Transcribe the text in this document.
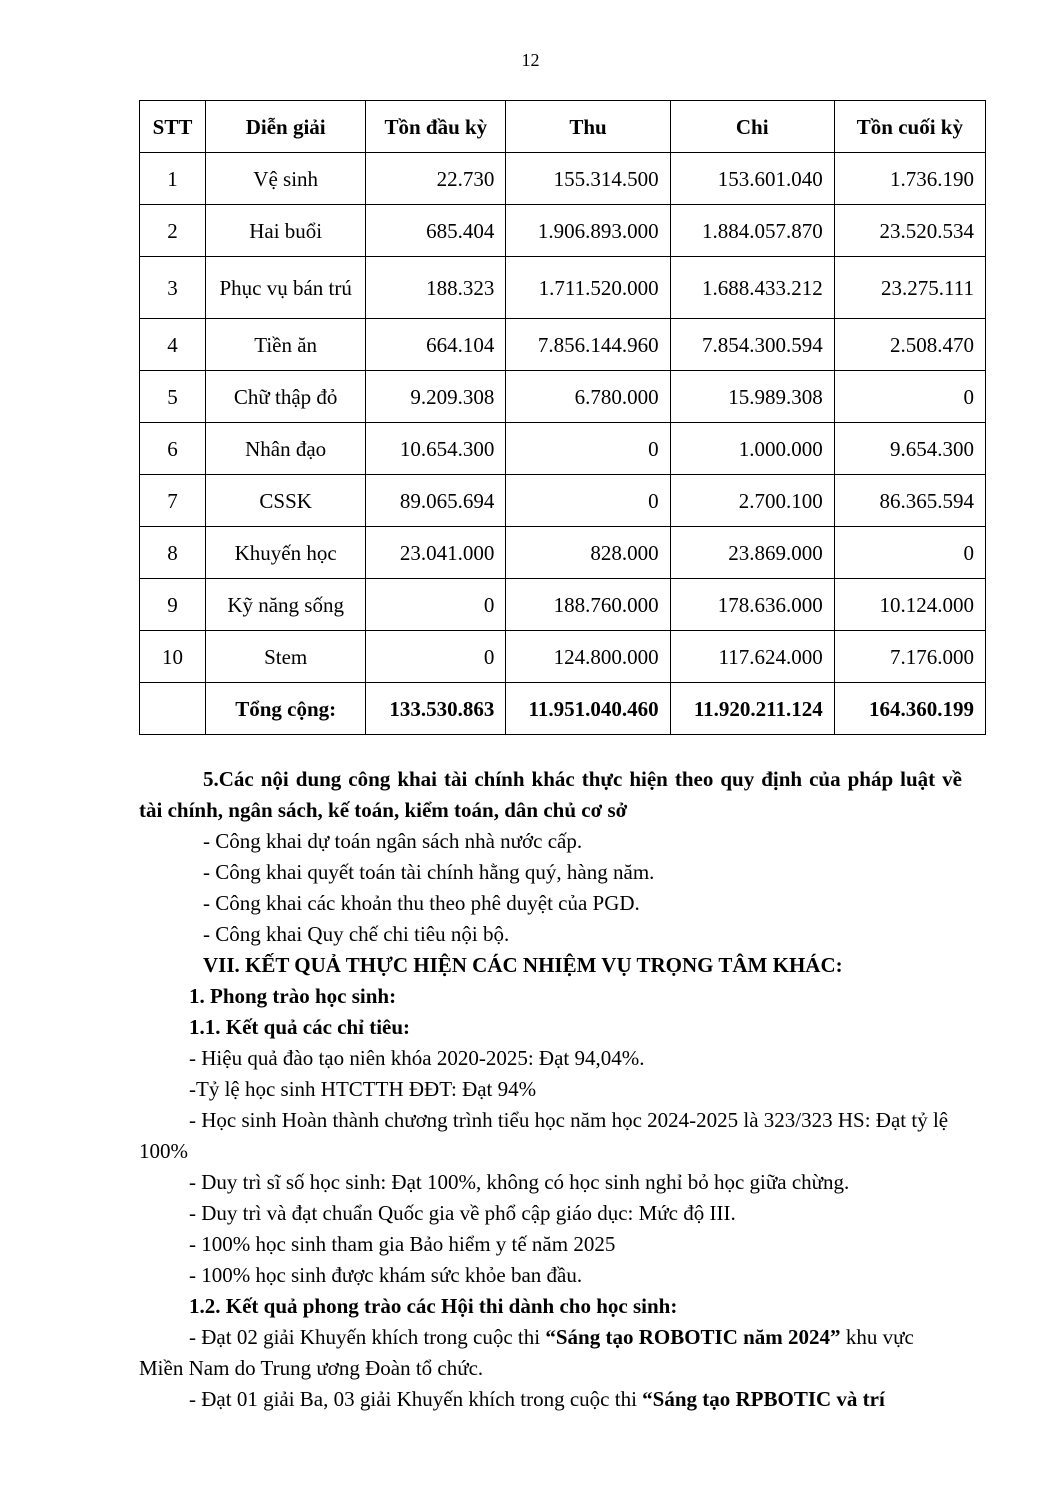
12
STT	Diễn giải	Tồn đầu kỳ	Thu	Chi	Tồn cuối kỳ
1	Vệ sinh	22.730	155.314.500	153.601.040	1.736.190
2	Hai buổi	685.404	1.906.893.000	1.884.057.870	23.520.534
3	Phục vụ bán trú	188.323	1.711.520.000	1.688.433.212	23.275.111
4	Tiền ăn	664.104	7.856.144.960	7.854.300.594	2.508.470
5	Chữ thập đỏ	9.209.308	6.780.000	15.989.308	0
6	Nhân đạo	10.654.300	0	1.000.000	9.654.300
7	CSSK	89.065.694	0	2.700.100	86.365.594
8	Khuyến học	23.041.000	828.000	23.869.000	0
9	Kỹ năng sống	0	188.760.000	178.636.000	10.124.000
10	Stem	0	124.800.000	117.624.000	7.176.000
	Tổng cộng:	133.530.863	11.951.040.460	11.920.211.124	164.360.199

5.Các nội dung công khai tài chính khác thực hiện theo quy định của pháp luật về tài chính, ngân sách, kế toán, kiểm toán, dân chủ cơ sở

- Công khai dự toán ngân sách nhà nước cấp.

- Công khai quyết toán tài chính hằng quý, hàng năm.

- Công khai các khoản thu theo phê duyệt của PGD.

- Công khai Quy chế chi tiêu nội bộ.

VII. KẾT QUẢ THỰC HIỆN CÁC NHIỆM VỤ TRỌNG TÂM KHÁC:

1. Phong trào học sinh:

1.1. Kết quả các chỉ tiêu:

- Hiệu quả đào tạo niên khóa 2020-2025: Đạt 94,04%.

-Tỷ lệ học sinh HTCTTH ĐĐT: Đạt 94%

- Học sinh Hoàn thành chương trình tiểu học năm học 2024-2025 là 323/323 HS: Đạt tỷ lệ 100%

- Duy trì sĩ số học sinh: Đạt 100%, không có học sinh nghỉ bỏ học giữa chừng.

- Duy trì và đạt chuẩn Quốc gia về phổ cập giáo dục: Mức độ III.

- 100% học sinh tham gia Bảo hiểm y tế năm 2025

- 100% học sinh được khám sức khỏe ban đầu.

1.2. Kết quả phong trào các Hội thi dành cho học sinh:

- Đạt 02 giải Khuyến khích trong cuộc thi “Sáng tạo ROBOTIC năm 2024” khu vực Miền Nam do Trung ương Đoàn tổ chức.

- Đạt 01 giải Ba, 03 giải Khuyến khích trong cuộc thi “Sáng tạo RPBOTIC và trí
